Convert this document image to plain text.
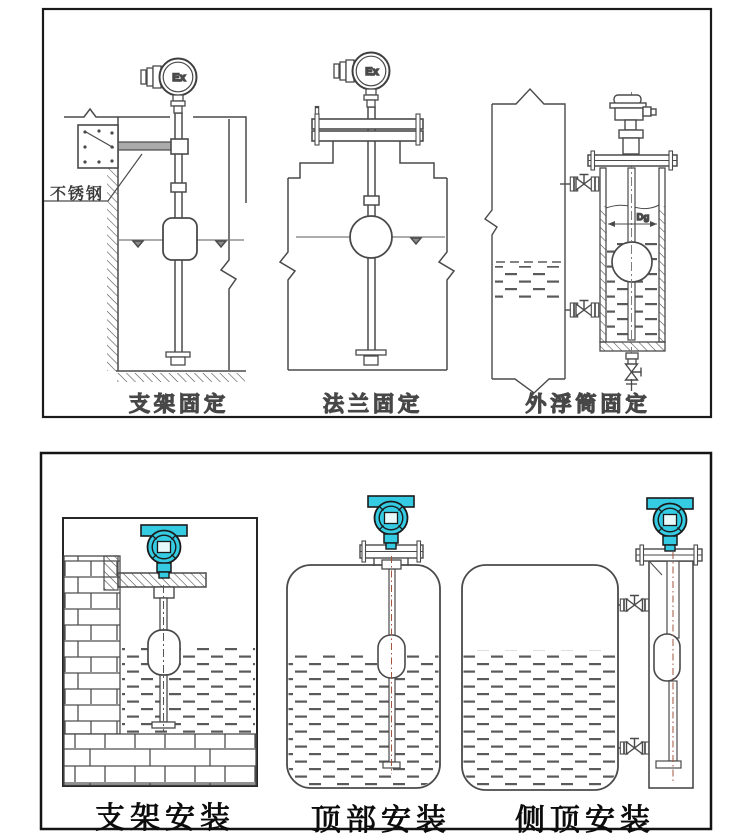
Ex	Ex
Dg
不锈钢
支架固定	法兰固定	外浮筒固定
支架安装	顶部安装 侧顶安装
